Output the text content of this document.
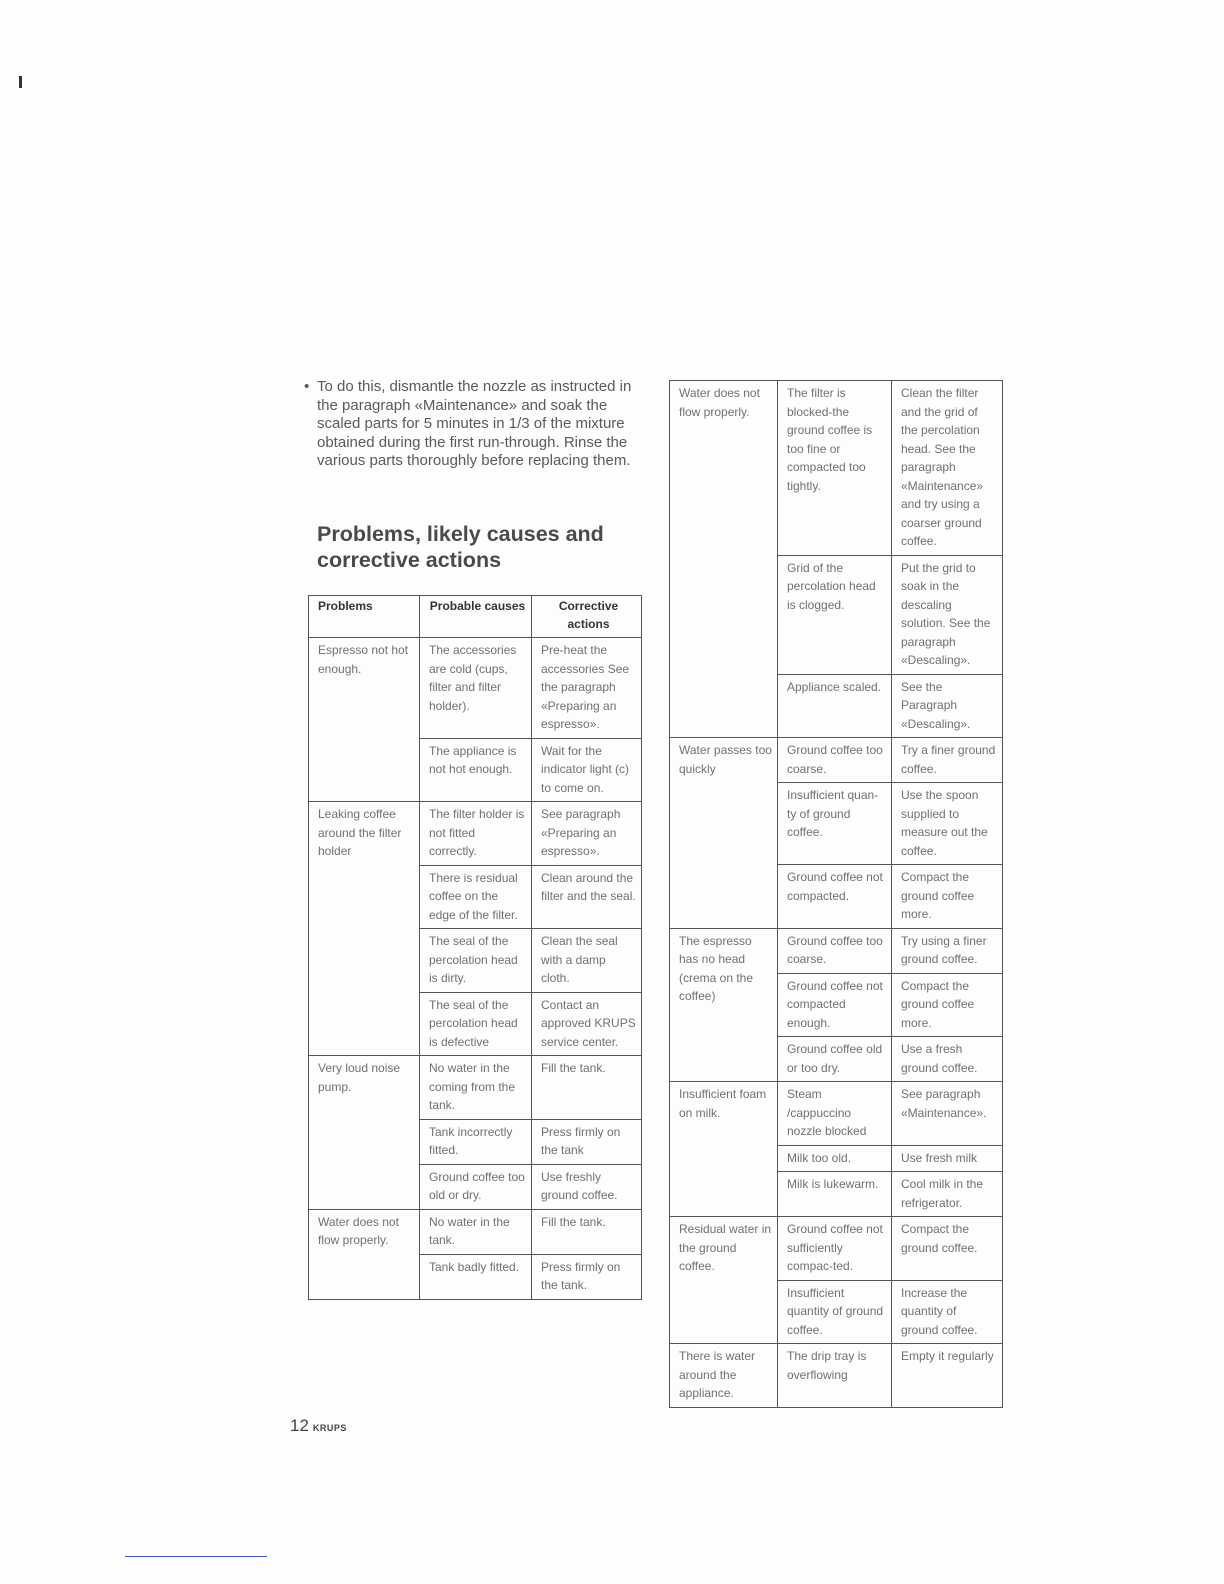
• To do this, dismantle the nozzle as instructed in the paragraph «Maintenance» and soak the scaled parts for 5 minutes in 1/3 of the mixture obtained during the first run-through. Rinse the various parts thoroughly before replacing them.
Problems, likely causes and corrective actions
Problems	Probable causes	Corrective actions
Espresso not hot enough.	The accessories are cold (cups, filter and filter holder).	Pre-heat the accessories See the paragraph «Preparing an espresso».
	The appliance is not hot enough.	Wait for the indicator light (c) to come on.
Leaking coffee around the filter holder	The filter holder is not fitted correctly.	See paragraph «Preparing an espresso».
	There is residual coffee on the edge of the filter.	Clean around the filter and the seal.
	The seal of the percolation head is dirty.	Clean the seal with a damp cloth.
	The seal of the percolation head is defective	Contact an approved KRUPS service center.
Very loud noise pump.	No water in the coming from the tank.	Fill the tank.
	Tank incorrectly fitted.	Press firmly on the tank
	Ground coffee too old or dry.	Use freshly ground coffee.
Water does not flow properly.	No water in the tank.	Fill the tank.
	Tank badly fitted.	Press firmly on the tank.
Water does not flow properly.	The filter is blocked-the ground coffee is too fine or compacted too tightly.	Clean the filter and the grid of the percolation head. See the paragraph «Maintenance» and try using a coarser ground coffee.
	Grid of the percolation head is clogged.	Put the grid to soak in the descaling solution. See the paragraph «Descaling».
	Appliance scaled.	See the Paragraph «Descaling».
Water passes too quickly	Ground coffee too coarse.	Try a finer ground coffee.
	Insufficient quan-ty of ground coffee.	Use the spoon supplied to measure out the coffee.
	Ground coffee not compacted.	Compact the ground coffee more.
The espresso has no head (crema on the coffee)	Ground coffee too coarse.	Try using a finer ground coffee.
	Ground coffee not compacted enough.	Compact the ground coffee more.
	Ground coffee old or too dry.	Use a fresh ground coffee.
Insufficient foam on milk.	Steam /cappuccino nozzle blocked	See paragraph «Maintenance».
	Milk too old.	Use fresh milk
	Milk is lukewarm.	Cool milk in the refrigerator.
Residual water in the ground coffee.	Ground coffee not sufficiently compac-ted.	Compact the ground coffee.
	Insufficient quantity of ground coffee.	Increase the quantity of ground coffee.
There is water around the appliance.	The drip tray is overflowing	Empty it regularly
12 KRUPS
